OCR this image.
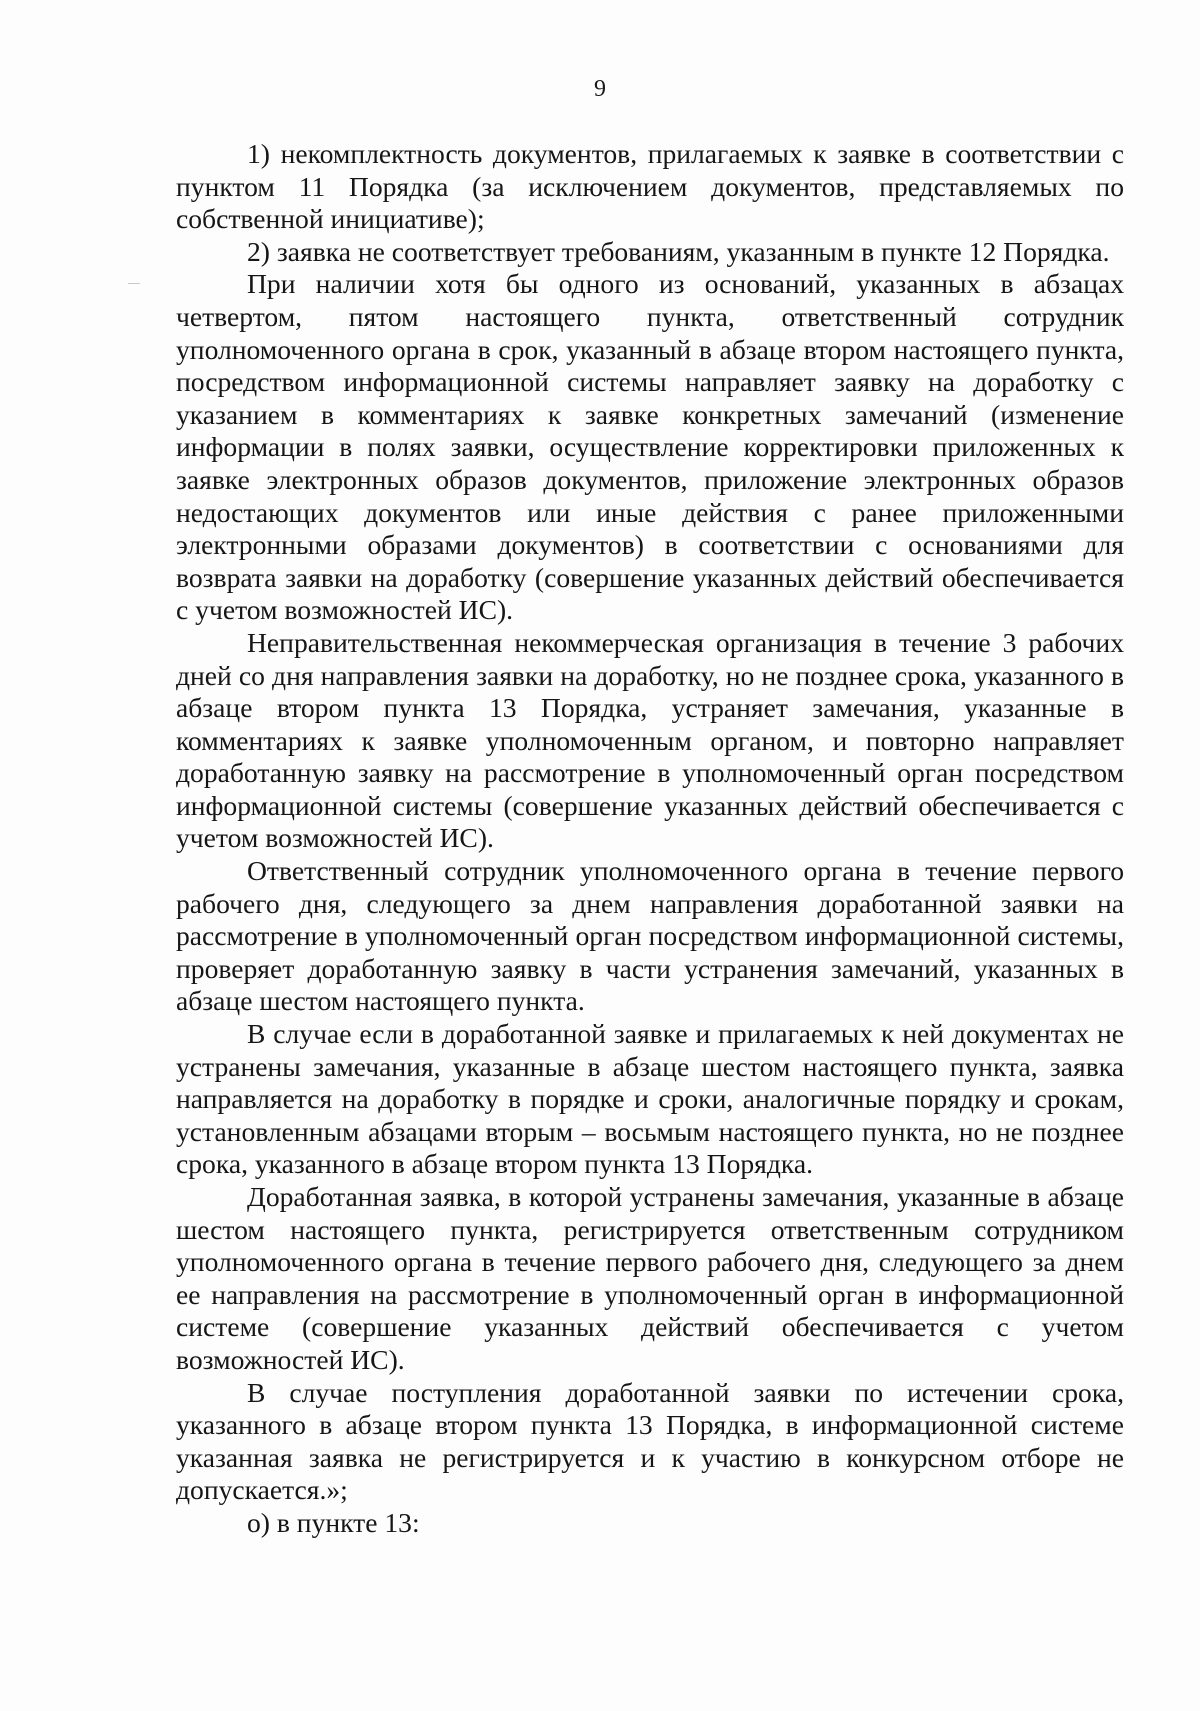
9

1) некомплектность документов, прилагаемых к заявке в соответствии с пунктом 11 Порядка (за исключением документов, представляемых по собственной инициативе);

2) заявка не соответствует требованиям, указанным в пункте 12 Порядка.

При наличии хотя бы одного из оснований, указанных в абзацах четвертом, пятом настоящего пункта, ответственный сотрудник уполномоченного органа в срок, указанный в абзаце втором настоящего пункта, посредством информационной системы направляет заявку на доработку с указанием в комментариях к заявке конкретных замечаний (изменение информации в полях заявки, осуществление корректировки приложенных к заявке электронных образов документов, приложение электронных образов недостающих документов или иные действия с ранее приложенными электронными образами документов) в соответствии с основаниями для возврата заявки на доработку (совершение указанных действий обеспечивается с учетом возможностей ИС).

Неправительственная некоммерческая организация в течение 3 рабочих дней со дня направления заявки на доработку, но не позднее срока, указанного в абзаце втором пункта 13 Порядка, устраняет замечания, указанные в комментариях к заявке уполномоченным органом, и повторно направляет доработанную заявку на рассмотрение в уполномоченный орган посредством информационной системы (совершение указанных действий обеспечивается с учетом возможностей ИС).

Ответственный сотрудник уполномоченного органа в течение первого рабочего дня, следующего за днем направления доработанной заявки на рассмотрение в уполномоченный орган посредством информационной системы, проверяет доработанную заявку в части устранения замечаний, указанных в абзаце шестом настоящего пункта.

В случае если в доработанной заявке и прилагаемых к ней документах не устранены замечания, указанные в абзаце шестом настоящего пункта, заявка направляется на доработку в порядке и сроки, аналогичные порядку и срокам, установленным абзацами вторым – восьмым настоящего пункта, но не позднее срока, указанного в абзаце втором пункта 13 Порядка.

Доработанная заявка, в которой устранены замечания, указанные в абзаце шестом настоящего пункта, регистрируется ответственным сотрудником уполномоченного органа в течение первого рабочего дня, следующего за днем ее направления на рассмотрение в уполномоченный орган в информационной системе (совершение указанных действий обеспечивается с учетом возможностей ИС).

В случае поступления доработанной заявки по истечении срока, указанного в абзаце втором пункта 13 Порядка, в информационной системе указанная заявка не регистрируется и к участию в конкурсном отборе не допускается.»;

о) в пункте 13:
